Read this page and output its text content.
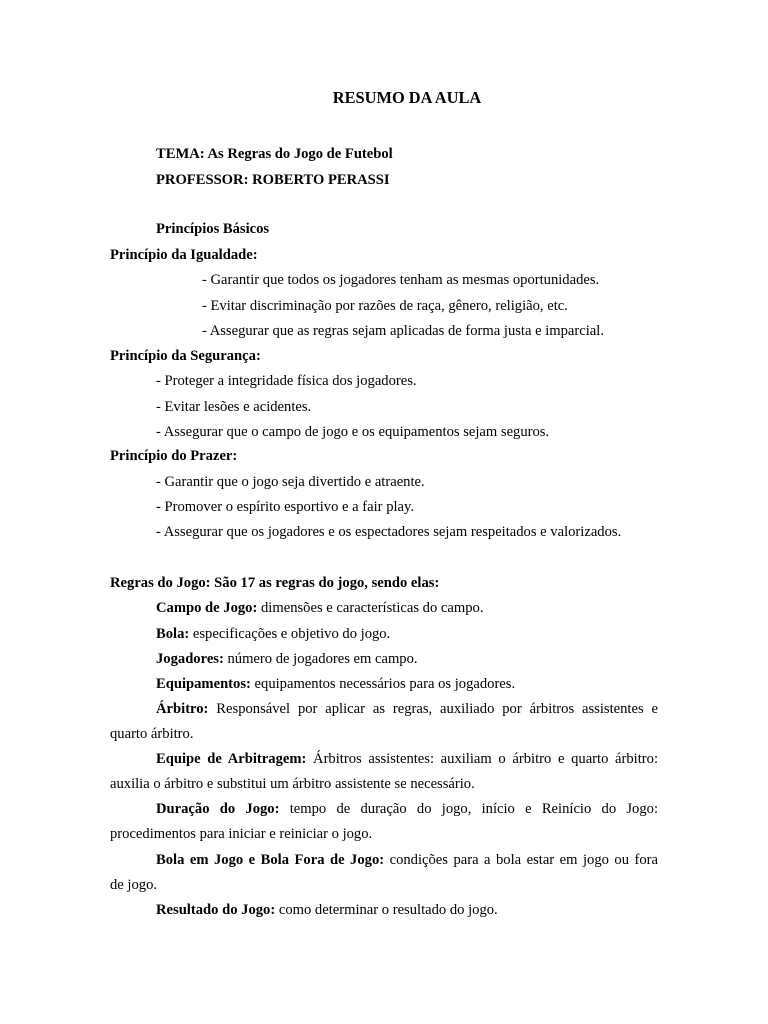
RESUMO DA AULA
TEMA: As Regras do Jogo de Futebol
PROFESSOR: ROBERTO PERASSI
Princípios Básicos
Princípio da Igualdade:
- Garantir que todos os jogadores tenham as mesmas oportunidades.
- Evitar discriminação por razões de raça, gênero, religião, etc.
- Assegurar que as regras sejam aplicadas de forma justa e imparcial.
Princípio da Segurança:
- Proteger a integridade física dos jogadores.
- Evitar lesões e acidentes.
- Assegurar que o campo de jogo e os equipamentos sejam seguros.
Princípio do Prazer:
- Garantir que o jogo seja divertido e atraente.
- Promover o espírito esportivo e a fair play.
- Assegurar que os jogadores e os espectadores sejam respeitados e valorizados.
Regras do Jogo: São 17 as regras do jogo, sendo elas:
Campo de Jogo: dimensões e características do campo.
Bola: especificações e objetivo do jogo.
Jogadores: número de jogadores em campo.
Equipamentos: equipamentos necessários para os jogadores.
Árbitro: Responsável por aplicar as regras, auxiliado por árbitros assistentes e
quarto árbitro.
Equipe de Arbitragem: Árbitros assistentes: auxiliam o árbitro e quarto árbitro:
auxilia o árbitro e substitui um árbitro assistente se necessário.
Duração do Jogo: tempo de duração do jogo, início e Reinício do Jogo:
procedimentos para iniciar e reiniciar o jogo.
Bola em Jogo e Bola Fora de Jogo: condições para a bola estar em jogo ou fora
de jogo.
Resultado do Jogo: como determinar o resultado do jogo.
